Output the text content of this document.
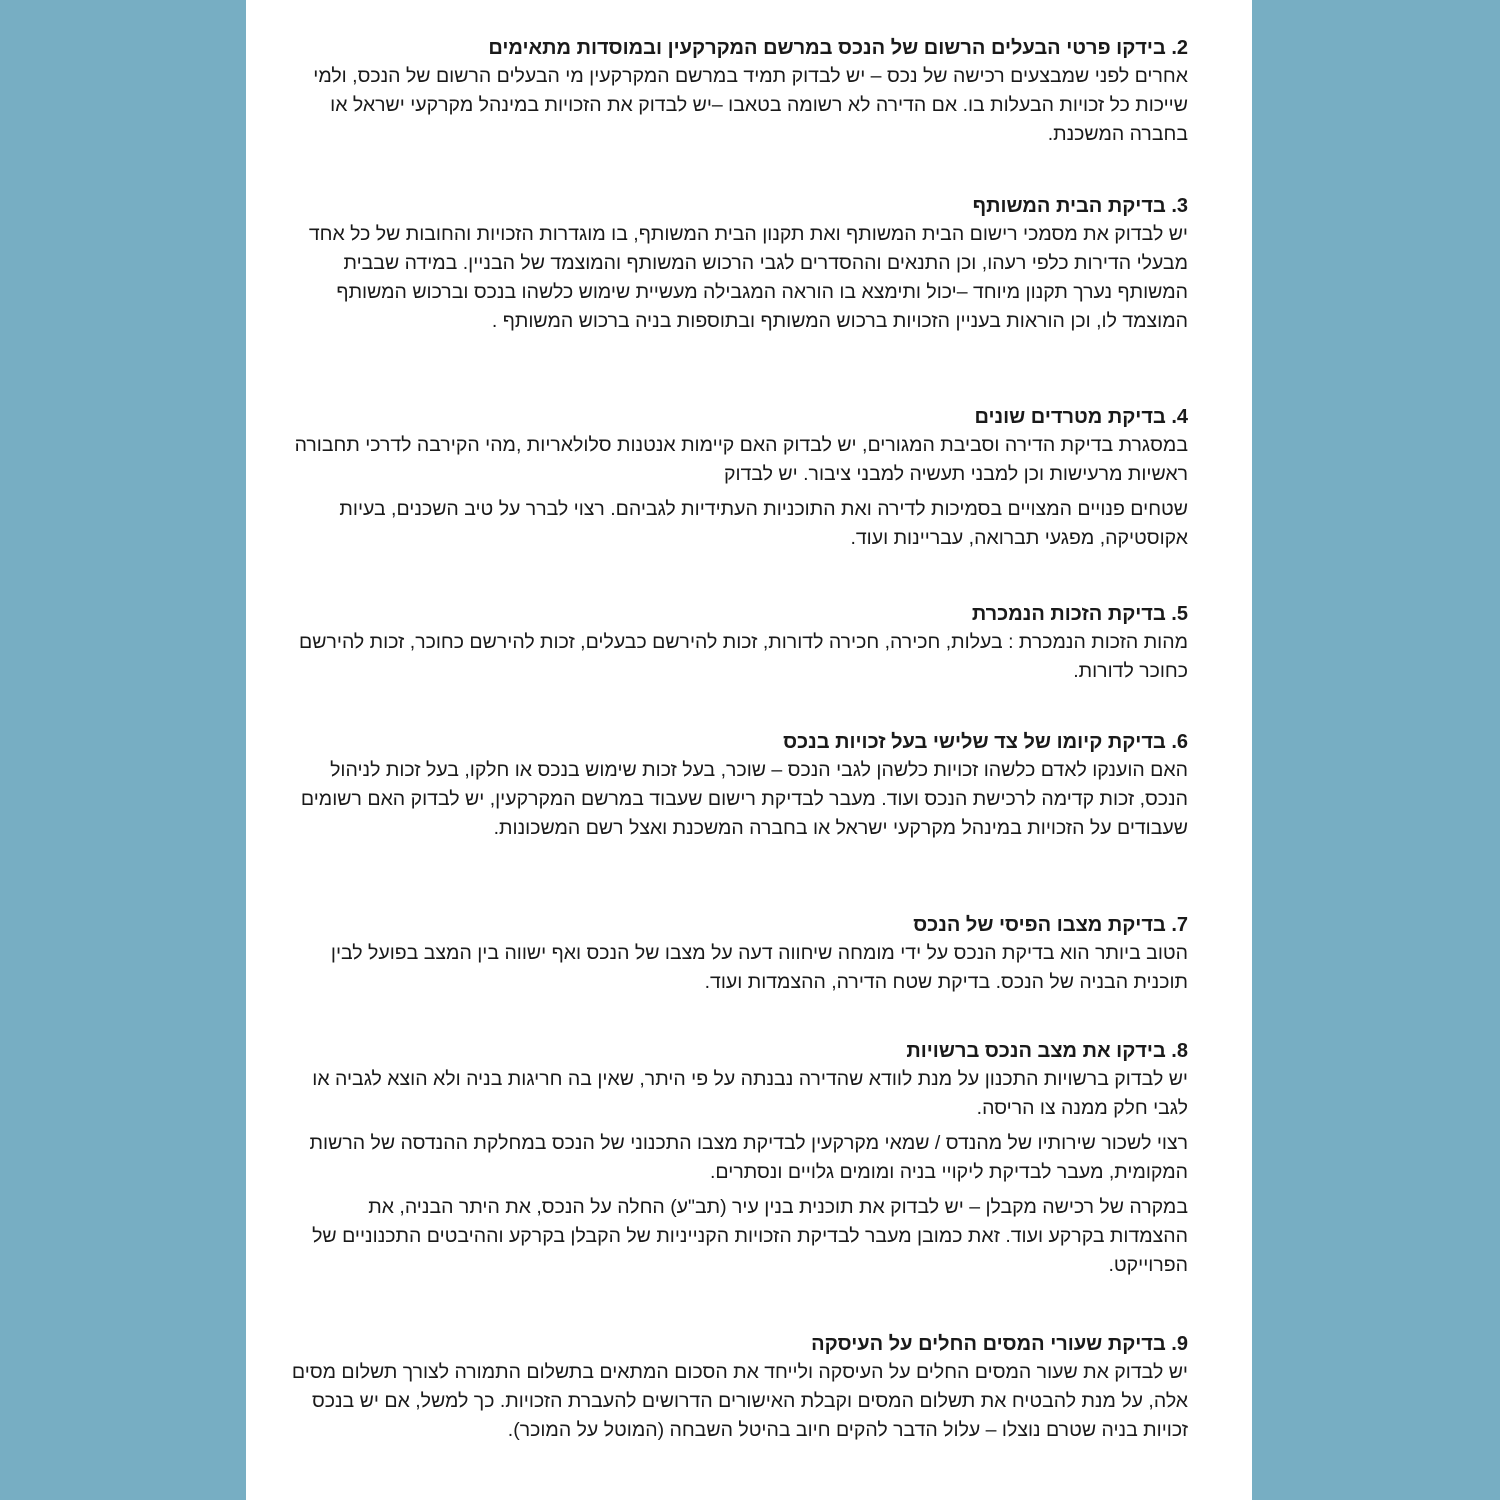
2. בידקו פרטי הבעלים הרשום של הנכס במרשם המקרקעין ובמוסדות מתאימים

אחרים לפני שמבצעים רכישה של נכס – יש לבדוק תמיד במרשם המקרקעין מי הבעלים הרשום של הנכס, ולמי שייכות כל זכויות הבעלות בו. אם הדירה לא רשומה בטאבו –יש לבדוק את הזכויות במינהל מקרקעי ישראל או בחברה המשכנת.

3. בדיקת הבית המשותף

יש לבדוק את מסמכי רישום הבית המשותף ואת תקנון הבית המשותף, בו מוגדרות הזכויות והחובות של כל אחד מבעלי הדירות כלפי רעהו, וכן התנאים וההסדרים לגבי הרכוש המשותף והמוצמד של הבניין. במידה שבבית המשותף נערך תקנון מיוחד –יכול ותימצא בו הוראה המגבילה מעשיית שימוש כלשהו בנכס וברכוש המשותף המוצמד לו, וכן הוראות בעניין הזכויות ברכוש המשותף ובתוספות בניה ברכוש המשותף .

4. בדיקת מטרדים שונים

במסגרת בדיקת הדירה וסביבת המגורים, יש לבדוק האם קיימות אנטנות סלולאריות ,מהי הקירבה לדרכי תחבורה ראשיות מרעישות וכן למבני תעשיה למבני ציבור. יש לבדוק

שטחים פנויים המצויים בסמיכות לדירה ואת התוכניות העתידיות לגביהם. רצוי לברר על טיב השכנים, בעיות אקוסטיקה, מפגעי תברואה, עבריינות ועוד.

5. בדיקת הזכות הנמכרת

מהות הזכות הנמכרת : בעלות, חכירה, חכירה לדורות, זכות להירשם כבעלים, זכות להירשם כחוכר, זכות להירשם כחוכר לדורות.

6. בדיקת קיומו של צד שלישי בעל זכויות בנכס

האם הוענקו לאדם כלשהו זכויות כלשהן לגבי הנכס – שוכר, בעל זכות שימוש בנכס או חלקו, בעל זכות לניהול הנכס, זכות קדימה לרכישת הנכס ועוד. מעבר לבדיקת רישום שעבוד במרשם המקרקעין, יש לבדוק האם רשומים שעבודים על הזכויות במינהל מקרקעי ישראל או בחברה המשכנת ואצל רשם המשכונות.

7. בדיקת מצבו הפיסי של הנכס

הטוב ביותר הוא בדיקת הנכס על ידי מומחה שיחווה דעה על מצבו של הנכס ואף ישווה בין המצב בפועל לבין תוכנית הבניה של הנכס. בדיקת שטח הדירה, ההצמדות ועוד.

8. בידקו את מצב הנכס ברשויות

יש לבדוק ברשויות התכנון על מנת לוודא שהדירה נבנתה על פי היתר, שאין בה חריגות בניה ולא הוצא לגביה או לגבי חלק ממנה צו הריסה.

רצוי לשכור שירותיו של מהנדס / שמאי מקרקעין לבדיקת מצבו התכנוני של הנכס במחלקת ההנדסה של הרשות המקומית, מעבר לבדיקת ליקויי בניה ומומים גלויים ונסתרים.

במקרה של רכישה מקבלן – יש לבדוק את תוכנית בנין עיר (תב"ע) החלה על הנכס, את היתר הבניה, את ההצמדות בקרקע ועוד. זאת כמובן מעבר לבדיקת הזכויות הקנייניות של הקבלן בקרקע וההיבטים התכנוניים של הפרוייקט.

9. בדיקת שעורי המסים החלים על העיסקה

יש לבדוק את שעור המסים החלים על העיסקה ולייחד את הסכום המתאים בתשלום התמורה לצורך תשלום מסים אלה, על מנת להבטיח את תשלום המסים וקבלת האישורים הדרושים להעברת הזכויות. כך למשל, אם יש בנכס זכויות בניה שטרם נוצלו – עלול הדבר להקים חיוב בהיטל השבחה (המוטל על המוכר).
